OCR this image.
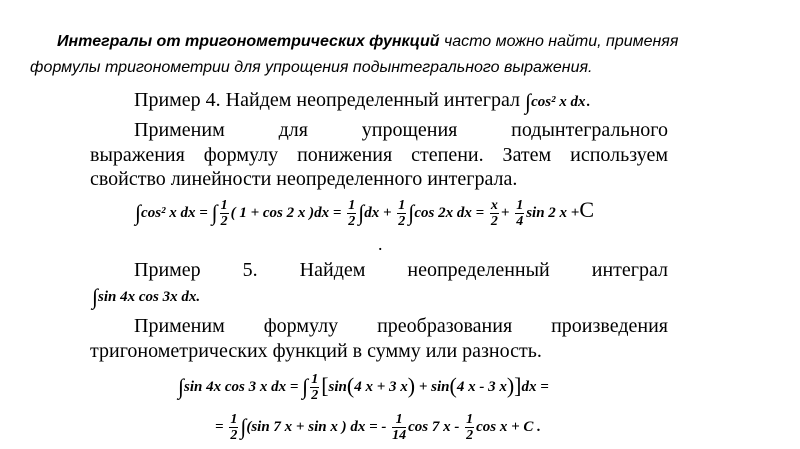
Интегралы от тригонометрических функций часто можно найти, применяя
формулы тригонометрии для упрощения подынтегрального выражения.
Пример 4. Найдем неопределенный интеграл ∫cos² x dx.
Применим для упрощения подынтегрального
выражения формулу понижения степени. Затем используем
свойство линейности неопределенного интеграла.
∫cos² x dx = ∫ $\frac{1}{2}$ ( 1 + cos 2 x )$dx = \frac{1}{2} \int dx + \frac{1}{2} \int\cos$ 2x dx = $\frac{x}{2} + \frac{1}{4}$ sin 2 x +C
.
Пример 5. Найдем неопределенный интеграл
∫sin 4x cos 3x dx.
Применим формулу преобразования произведения
тригонометрических функций в сумму или разность.
∫sin 4x cos 3 x dx = ∫ $\frac{1}{2} [\sin(4$ x + 3 x) + sin(4 x - 3 x)]dx =
= $\frac{1}{2} \int(\sin$ 7 x + sin x ) dx = - $\frac{1}{14}$ cos 7 x - $\frac{1}{2}$ cos x + C .
